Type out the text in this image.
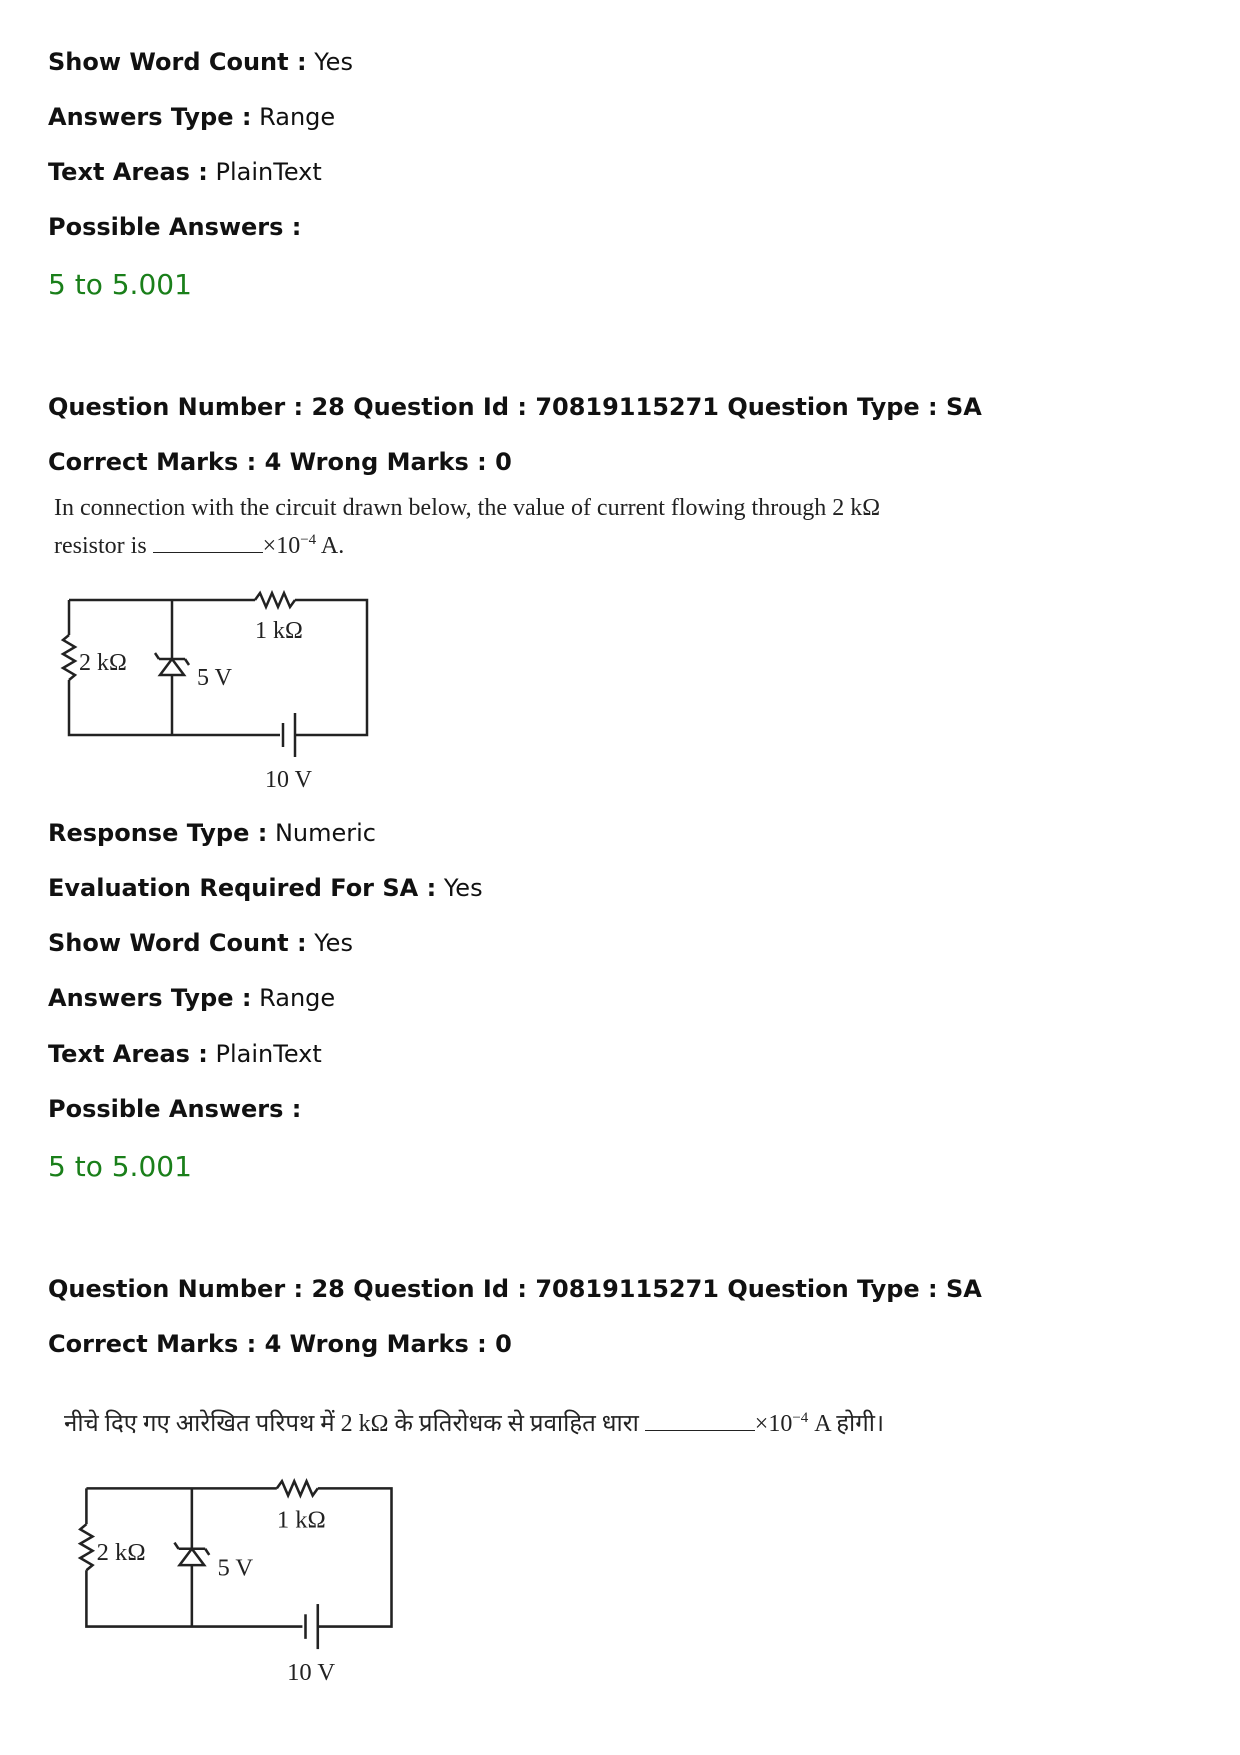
Show Word Count : Yes
Answers Type : Range
Text Areas : PlainText
Possible Answers :
5 to 5.001
Question Number : 28 Question Id : 70819115271 Question Type : SA
Correct Marks : 4 Wrong Marks : 0
In connection with the circuit drawn below, the value of current flowing through 2 kΩ
resistor is	$\times 10^{-4}$ A.
2 kΩ
1 kΩ
5 V
10 V
Response Type : Numeric
Evaluation Required For SA : Yes
Show Word Count : Yes
Answers Type : Range
Text Areas : PlainText
Possible Answers :
5 to 5.001
Question Number : 28 Question Id : 70819115271 Question Type : SA
Correct Marks : 4 Wrong Marks : 0
नीचे दिए गए आरेखित परिपथ में 2 kΩ के प्रतिरोधक से प्रवाहित धारा	$\times 10^{-4}$ A होगी।
2 kΩ
1 kΩ
5 V
10 V
